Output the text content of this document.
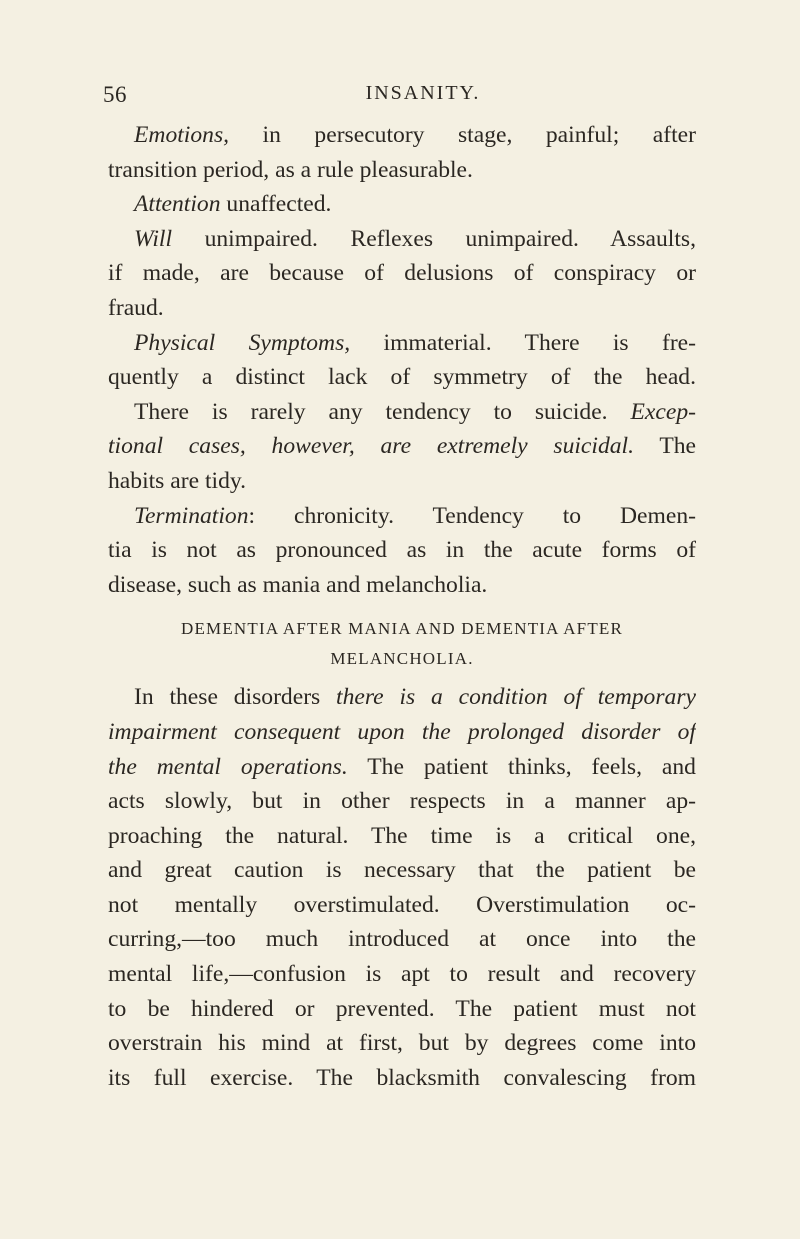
56	INSANITY.
Emotions, in persecutory stage, painful; after
transition period, as a rule pleasurable.
Attention unaffected.
Will unimpaired. Reflexes unimpaired. Assaults,
if made, are because of delusions of conspiracy or
fraud.
Physical Symptoms, immaterial. There is fre-
quently a distinct lack of symmetry of the head.
There is rarely any tendency to suicide. Excep-
tional cases, however, are extremely suicidal. The
habits are tidy.
Termination: chronicity. Tendency to Demen-
tia is not as pronounced as in the acute forms of
disease, such as mania and melancholia.
DEMENTIA AFTER MANIA AND DEMENTIA AFTER
MELANCHOLIA.
In these disorders there is a condition of temporary
impairment consequent upon the prolonged disorder of
the mental operations. The patient thinks, feels, and
acts slowly, but in other respects in a manner ap-
proaching the natural. The time is a critical one,
and great caution is necessary that the patient be
not mentally overstimulated. Overstimulation oc-
curring,—too much introduced at once into the
mental life,—confusion is apt to result and recovery
to be hindered or prevented. The patient must not
overstrain his mind at first, but by degrees come into
its full exercise. The blacksmith convalescing from
